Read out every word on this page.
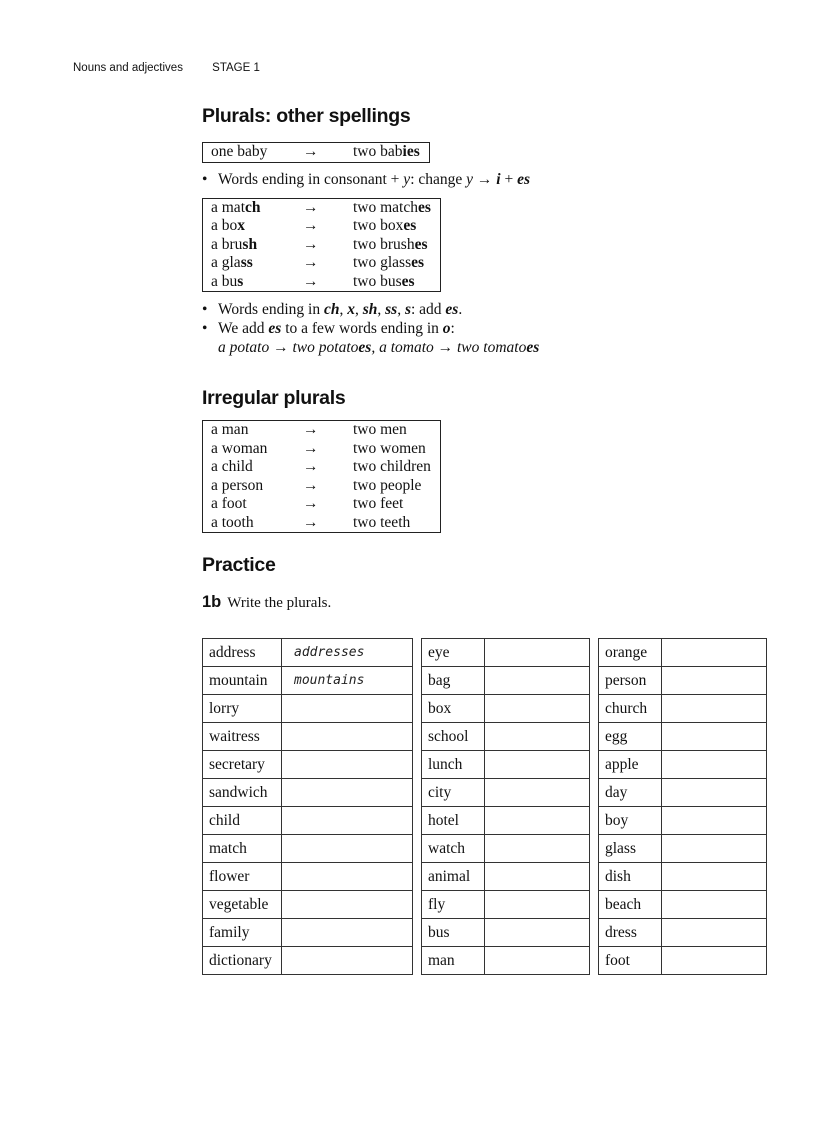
Nouns and adjectives	STAGE 1
Plurals: other spellings
one baby	→	two babies
• Words ending in consonant + y: change y → i + es
a match	→	two matches
a box	→	two boxes
a brush	→	two brushes
a glass	→	two glasses
a bus	→	two buses
• Words ending in ch, x, sh, ss, s: add es.
• We add es to a few words ending in o:
a potato → two potatoes, a tomato → two tomatoes
Irregular plurals
a man	→	two men
a woman	→	two women
a child	→	two children
a person	→	two people
a foot	→	two feet
a tooth	→	two teeth
Practice
1b Write the plurals.
address	addresses
mountain	mountains
lorry	
waitress	
secretary	
sandwich	
child	
match	
flower	
vegetable	
family	
dictionary	
eye	
bag	
box	
school	
lunch	
city	
hotel	
watch	
animal	
fly	
bus	
man	
orange	
person	
church	
egg	
apple	
day	
boy	
glass	
dish	
beach	
dress	
foot	
